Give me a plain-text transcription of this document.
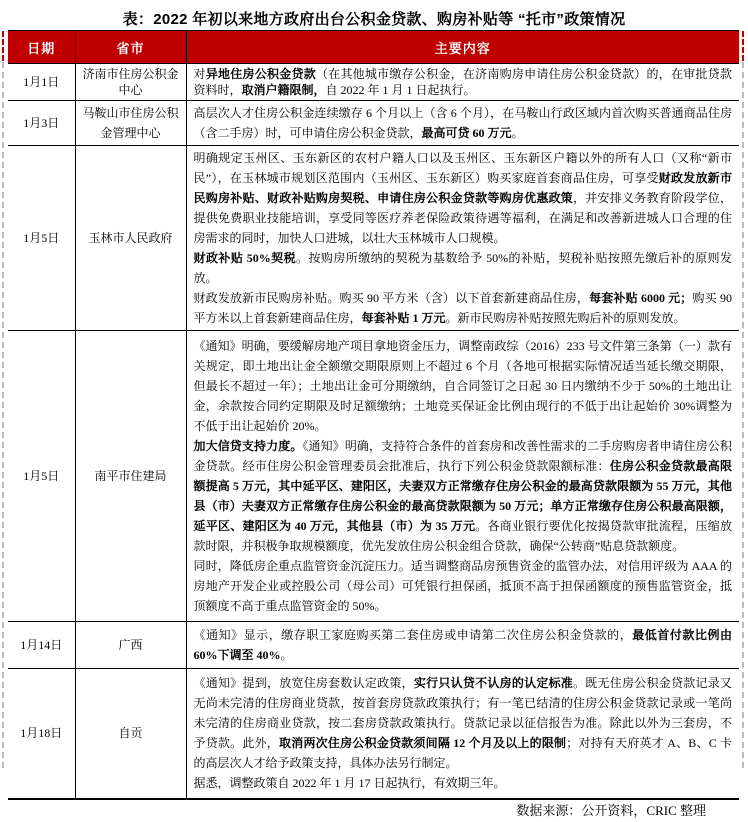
表：2022 年初以来地方政府出台公积金贷款、购房补贴等 “托市”政策情况
日期	省市	主要内容
1月1日	济南市住房公积金中心	对异地住房公积金贷款（在其他城市缴存公积金，在济南购房申请住房公积金贷款）的，在审批贷款资料时，取消户籍限制，自 2022 年 1 月 1 日起执行。

1月3日	马鞍山市住房公积金管理中心	高层次人才住房公积金连续缴存 6 个月以上（含 6 个月），在马鞍山行政区域内首次购买普通商品住房（含二手房）时，可申请住房公积金贷款，最高可贷 60 万元。

1月5日	玉林市人民政府	明确规定玉州区、玉东新区的农村户籍人口以及玉州区、玉东新区户籍以外的所有人口（又称“新市民”），在玉林城市规划区范围内（玉州区、玉东新区）购买家庭首套商品住房，可享受财政发放新市民购房补贴、财政补贴购房契税、申请住房公积金贷款等购房优惠政策，并安排义务教育阶段学位，提供免费职业技能培训，享受同等医疗养老保险政策待遇等福利，在满足和改善新进城人口合理的住房需求的同时，加快人口进城，以壮大玉林城市人口规模。
财政补贴 50%契税。按购房所缴纳的契税为基数给予 50%的补贴，契税补贴按照先缴后补的原则发放。
财政发放新市民购房补贴。购买 90 平方米（含）以下首套新建商品住房，每套补贴 6000 元；购买 90 平方米以上首套新建商品住房，每套补贴 1 万元。新市民购房补贴按照先购后补的原则发放。

1月5日	南平市住建局	《通知》明确，要缓解房地产项目拿地资金压力，调整南政综（2016）233 号文件第三条第（一）款有关规定，即土地出让金全额缴交期限原则上不超过 6 个月（各地可根据实际情况适当延长缴交期限，但最长不超过一年）；土地出让金可分期缴纳，自合同签订之日起 30 日内缴纳不少于 50%的土地出让金，余款按合同约定期限及时足额缴纳；土地竞买保证金比例由现行的不低于出让起始价 30%调整为不低于出让起始价 20%。
加大信贷支持力度。《通知》明确，支持符合条件的首套房和改善性需求的二手房购房者申请住房公积金贷款。经市住房公积金管理委员会批准后，执行下列公积金贷款限额标准：住房公积金贷款最高限额提高 5 万元，其中延平区、建阳区，夫妻双方正常缴存住房公积金的最高贷款限额为 55 万元，其他县（市）夫妻双方正常缴存住房公积金的最高贷款限额为 50 万元；单方正常缴存住房公积最高限额，延平区、建阳区为 40 万元，其他县（市）为 35 万元。各商业银行要优化按揭贷款审批流程，压缩放款时限，并积极争取规模额度，优先发放住房公积金组合贷款，确保“公转商”贴息贷款额度。
同时，降低房企重点监管资金沉淀压力。适当调整商品房预售资金的监管办法，对信用评级为 AAA 的房地产开发企业或控股公司（母公司）可凭银行担保函，抵顶不高于担保函额度的预售监管资金，抵顶额度不高于重点监管资金的 50%。

1月14日	广西	《通知》显示，缴存职工家庭购买第二套住房或申请第二次住房公积金贷款的，最低首付款比例由 60%下调至 40%。

1月18日	自贡	《通知》提到，放宽住房套数认定政策，实行只认贷不认房的认定标准。既无住房公积金贷款记录又无尚未完清的住房商业贷款，按首套房贷款政策执行；有一笔已结清的住房公积金贷款记录或一笔尚未完清的住房商业贷款，按二套房贷款政策执行。贷款记录以征信报告为准。除此以外为三套房，不予贷款。此外，取消两次住房公积金贷款须间隔 12 个月及以上的限制；对持有天府英才 A、B、C 卡的高层次人才给予政策支持，具体办法另行制定。
据悉，调整政策自 2022 年 1 月 17 日起执行，有效期三年。
数据来源：公开资料，CRIC 整理
